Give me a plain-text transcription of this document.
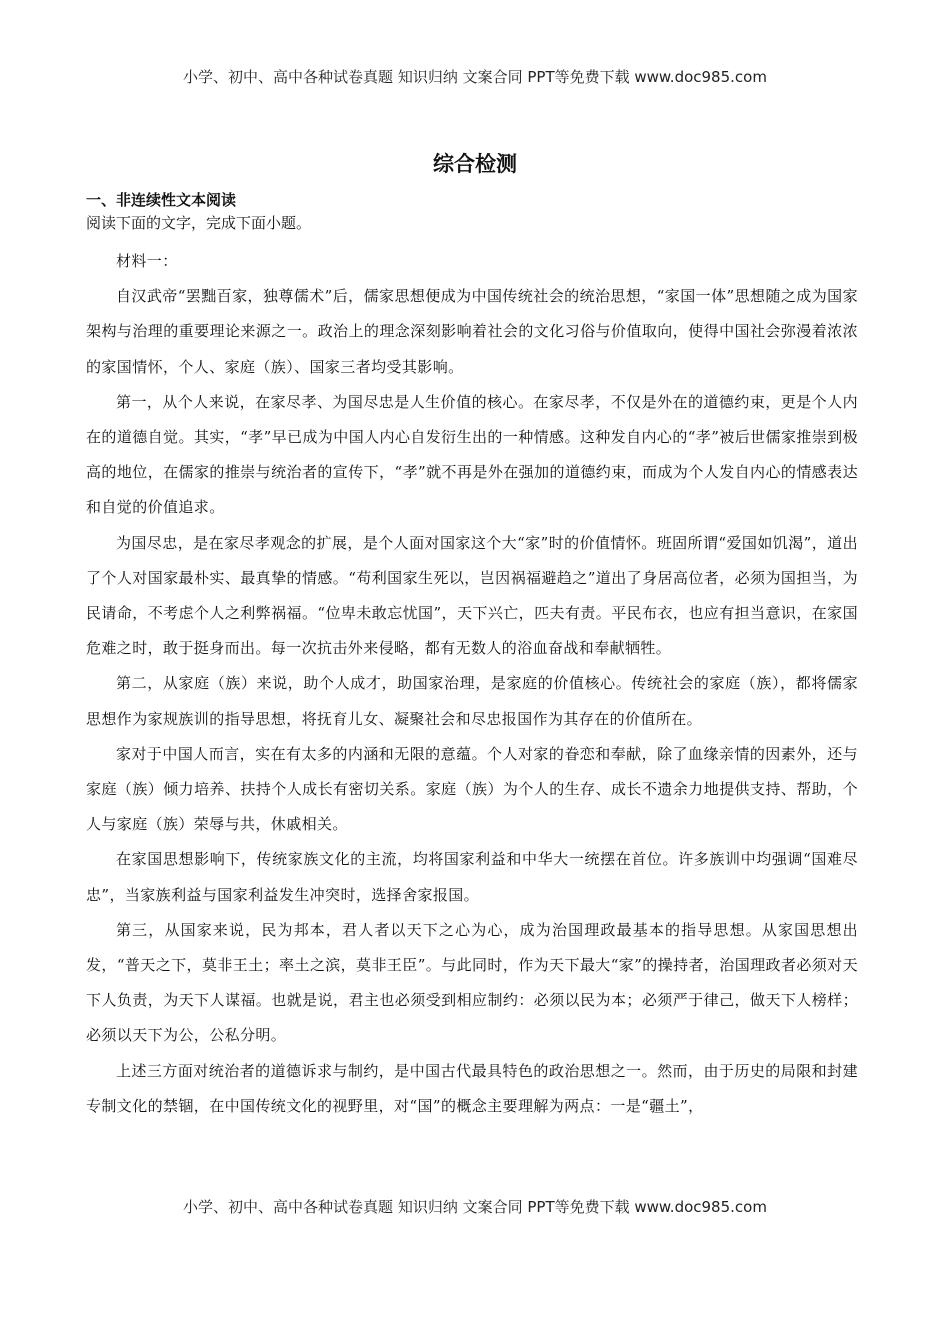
小学、初中、高中各种试卷真题 知识归纳 文案合同 PPT等免费下载 www.doc985.com
综合检测
一、非连续性文本阅读
阅读下面的文字，完成下面小题。

材料一：

自汉武帝“罢黜百家，独尊儒术”后，儒家思想便成为中国传统社会的统治思想，“家国一体”思想随之成为国家架构与治理的重要理论来源之一。政治上的理念深刻影响着社会的文化习俗与价值取向，使得中国社会弥漫着浓浓的家国情怀，个人、家庭（族）、国家三者均受其影响。

第一，从个人来说，在家尽孝、为国尽忠是人生价值的核心。在家尽孝，不仅是外在的道德约束，更是个人内在的道德自觉。其实，“孝”早已成为中国人内心自发衍生出的一种情感。这种发自内心的“孝”被后世儒家推崇到极高的地位，在儒家的推崇与统治者的宣传下，“孝”就不再是外在强加的道德约束，而成为个人发自内心的情感表达和自觉的价值追求。

为国尽忠，是在家尽孝观念的扩展，是个人面对国家这个大“家”时的价值情怀。班固所谓“爱国如饥渴”，道出了个人对国家最朴实、最真挚的情感。“苟利国家生死以，岂因祸福避趋之”道出了身居高位者，必须为国担当，为民请命，不考虑个人之利弊祸福。“位卑未敢忘忧国”，天下兴亡，匹夫有责。平民布衣，也应有担当意识，在家国危难之时，敢于挺身而出。每一次抗击外来侵略，都有无数人的浴血奋战和奉献牺牲。

第二，从家庭（族）来说，助个人成才，助国家治理，是家庭的价值核心。传统社会的家庭（族），都将儒家思想作为家规族训的指导思想，将抚育儿女、凝聚社会和尽忠报国作为其存在的价值所在。

家对于中国人而言，实在有太多的内涵和无限的意蕴。个人对家的眷恋和奉献，除了血缘亲情的因素外，还与家庭（族）倾力培养、扶持个人成长有密切关系。家庭（族）为个人的生存、成长不遗余力地提供支持、帮助，个人与家庭（族）荣辱与共，休戚相关。

在家国思想影响下，传统家族文化的主流，均将国家利益和中华大一统摆在首位。许多族训中均强调“国难尽忠”，当家族利益与国家利益发生冲突时，选择舍家报国。

第三，从国家来说，民为邦本，君人者以天下之心为心，成为治国理政最基本的指导思想。从家国思想出发，“普天之下，莫非王土；率土之滨，莫非王臣”。与此同时，作为天下最大“家”的操持者，治国理政者必须对天下人负责，为天下人谋福。也就是说，君主也必须受到相应制约：必须以民为本；必须严于律己，做天下人榜样；必须以天下为公，公私分明。

上述三方面对统治者的道德诉求与制约，是中国古代最具特色的政治思想之一。然而，由于历史的局限和封建专制文化的禁锢，在中国传统文化的视野里，对“国”的概念主要理解为两点：一是“疆土”，

小学、初中、高中各种试卷真题 知识归纳 文案合同 PPT等免费下载 www.doc985.com
